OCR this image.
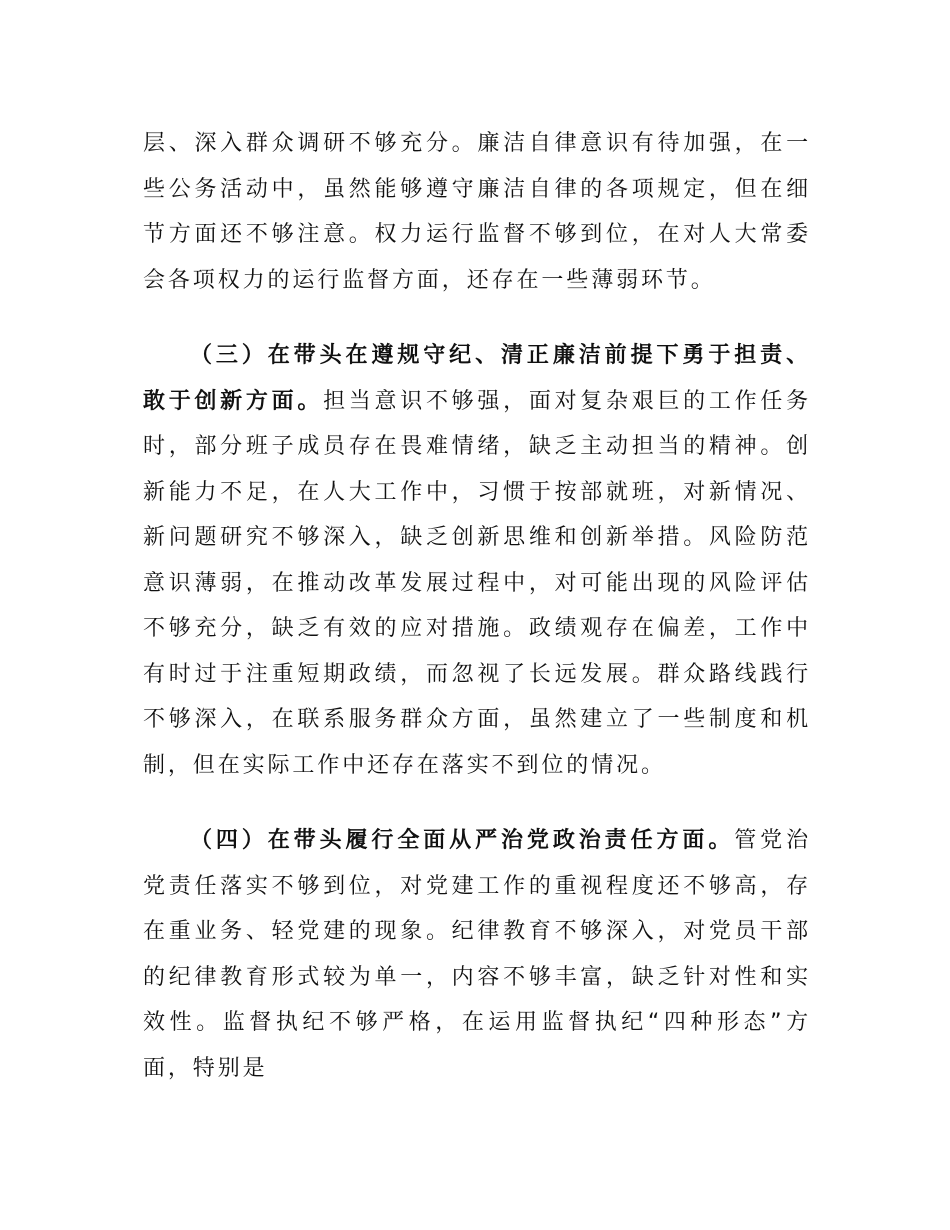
层、深入群众调研不够充分。廉洁自律意识有待加强，在一些公务活动中，虽然能够遵守廉洁自律的各项规定，但在细节方面还不够注意。权力运行监督不够到位，在对人大常委会各项权力的运行监督方面，还存在一些薄弱环节。

（三）在带头在遵规守纪、清正廉洁前提下勇于担责、敢于创新方面。担当意识不够强，面对复杂艰巨的工作任务时，部分班子成员存在畏难情绪，缺乏主动担当的精神。创新能力不足，在人大工作中，习惯于按部就班，对新情况、新问题研究不够深入，缺乏创新思维和创新举措。风险防范意识薄弱，在推动改革发展过程中，对可能出现的风险评估不够充分，缺乏有效的应对措施。政绩观存在偏差，工作中有时过于注重短期政绩，而忽视了长远发展。群众路线践行不够深入，在联系服务群众方面，虽然建立了一些制度和机制，但在实际工作中还存在落实不到位的情况。

（四）在带头履行全面从严治党政治责任方面。管党治党责任落实不够到位，对党建工作的重视程度还不够高，存在重业务、轻党建的现象。纪律教育不够深入，对党员干部的纪律教育形式较为单一，内容不够丰富，缺乏针对性和实效性。监督执纪不够严格，在运用监督执纪“四种形态”方面，特别是
